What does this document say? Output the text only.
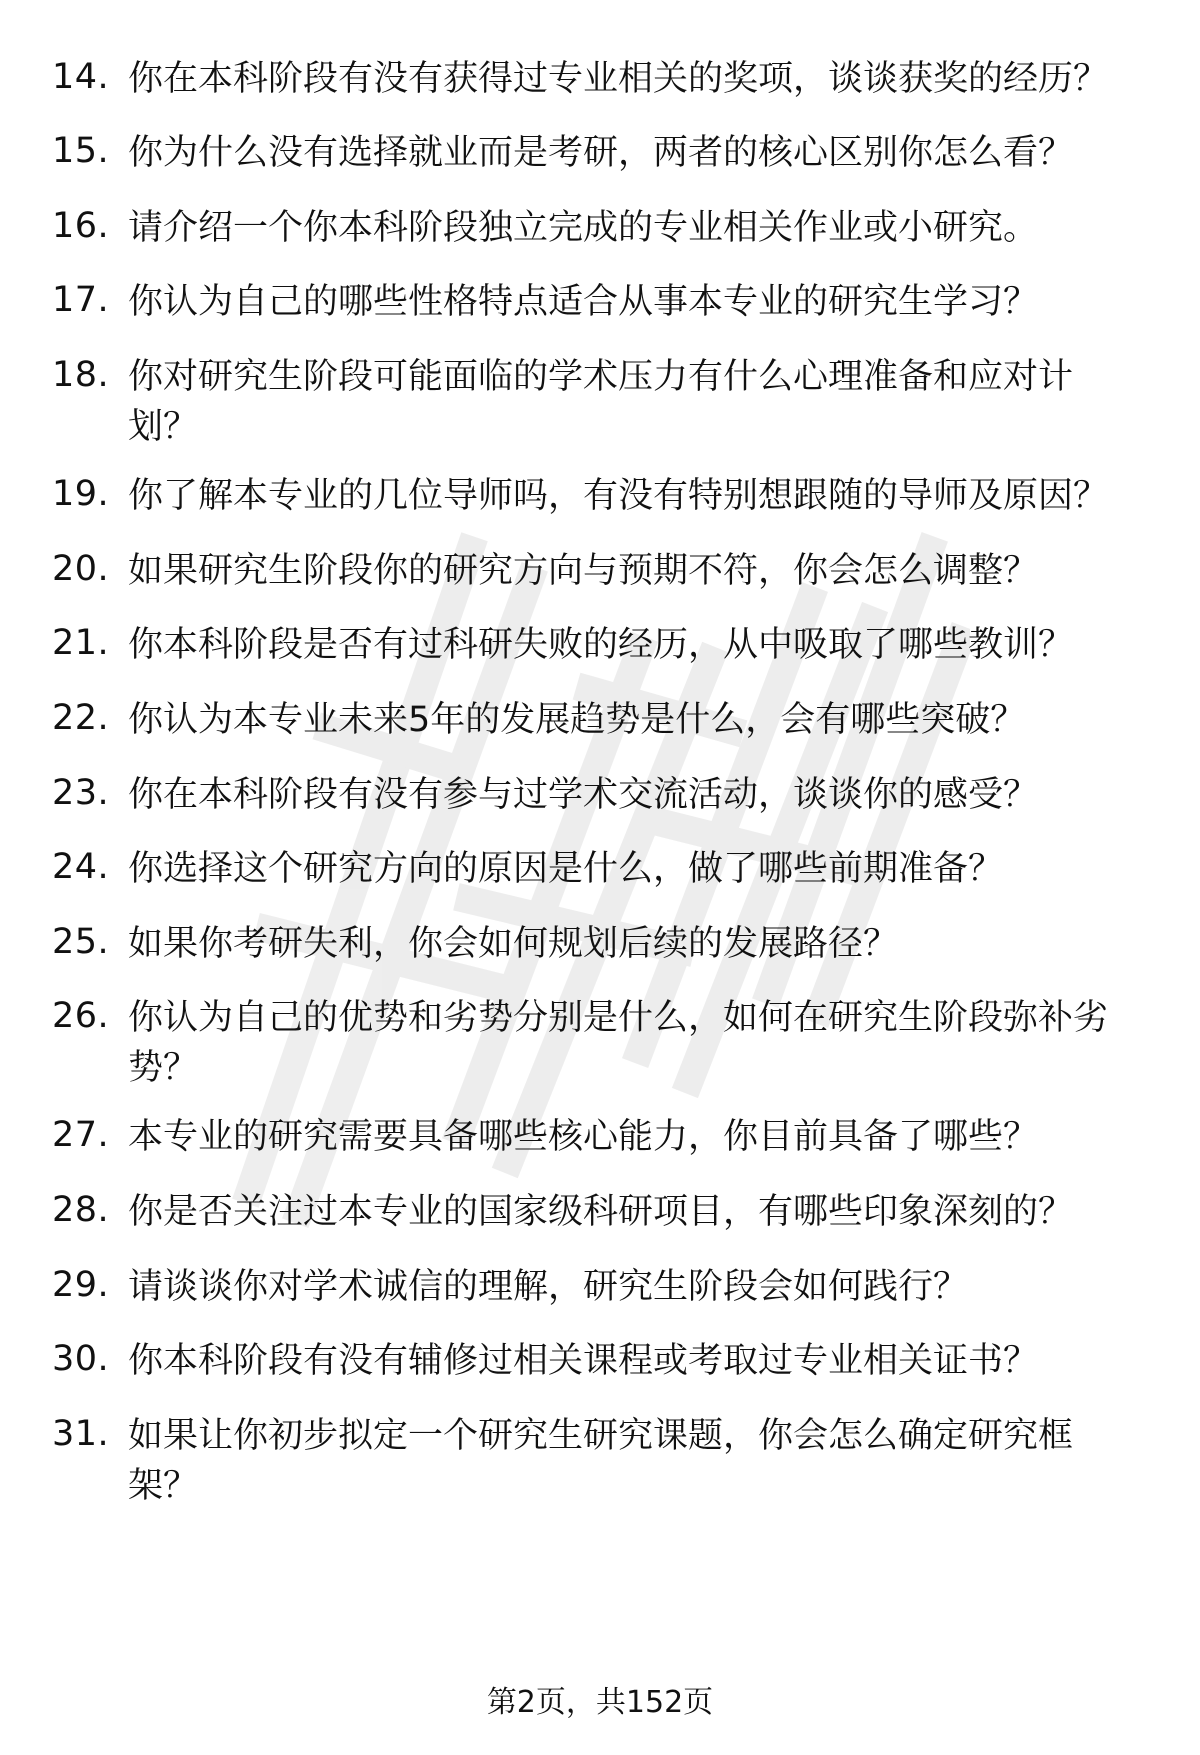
14. 你在本科阶段有没有获得过专业相关的奖项，谈谈获奖的经历？
15. 你为什么没有选择就业而是考研，两者的核心区别你怎么看？
16. 请介绍一个你本科阶段独立完成的专业相关作业或小研究。
17. 你认为自己的哪些性格特点适合从事本专业的研究生学习？
18. 你对研究生阶段可能面临的学术压力有什么心理准备和应对计划？
19. 你了解本专业的几位导师吗，有没有特别想跟随的导师及原因？
20. 如果研究生阶段你的研究方向与预期不符，你会怎么调整？
21. 你本科阶段是否有过科研失败的经历，从中吸取了哪些教训？
22. 你认为本专业未来5年的发展趋势是什么，会有哪些突破？
23. 你在本科阶段有没有参与过学术交流活动，谈谈你的感受？
24. 你选择这个研究方向的原因是什么，做了哪些前期准备？
25. 如果你考研失利，你会如何规划后续的发展路径？
26. 你认为自己的优势和劣势分别是什么，如何在研究生阶段弥补劣势？
27. 本专业的研究需要具备哪些核心能力，你目前具备了哪些？
28. 你是否关注过本专业的国家级科研项目，有哪些印象深刻的？
29. 请谈谈你对学术诚信的理解，研究生阶段会如何践行？
30. 你本科阶段有没有辅修过相关课程或考取过专业相关证书？
31. 如果让你初步拟定一个研究生研究课题，你会怎么确定研究框架？
第2页，共152页
